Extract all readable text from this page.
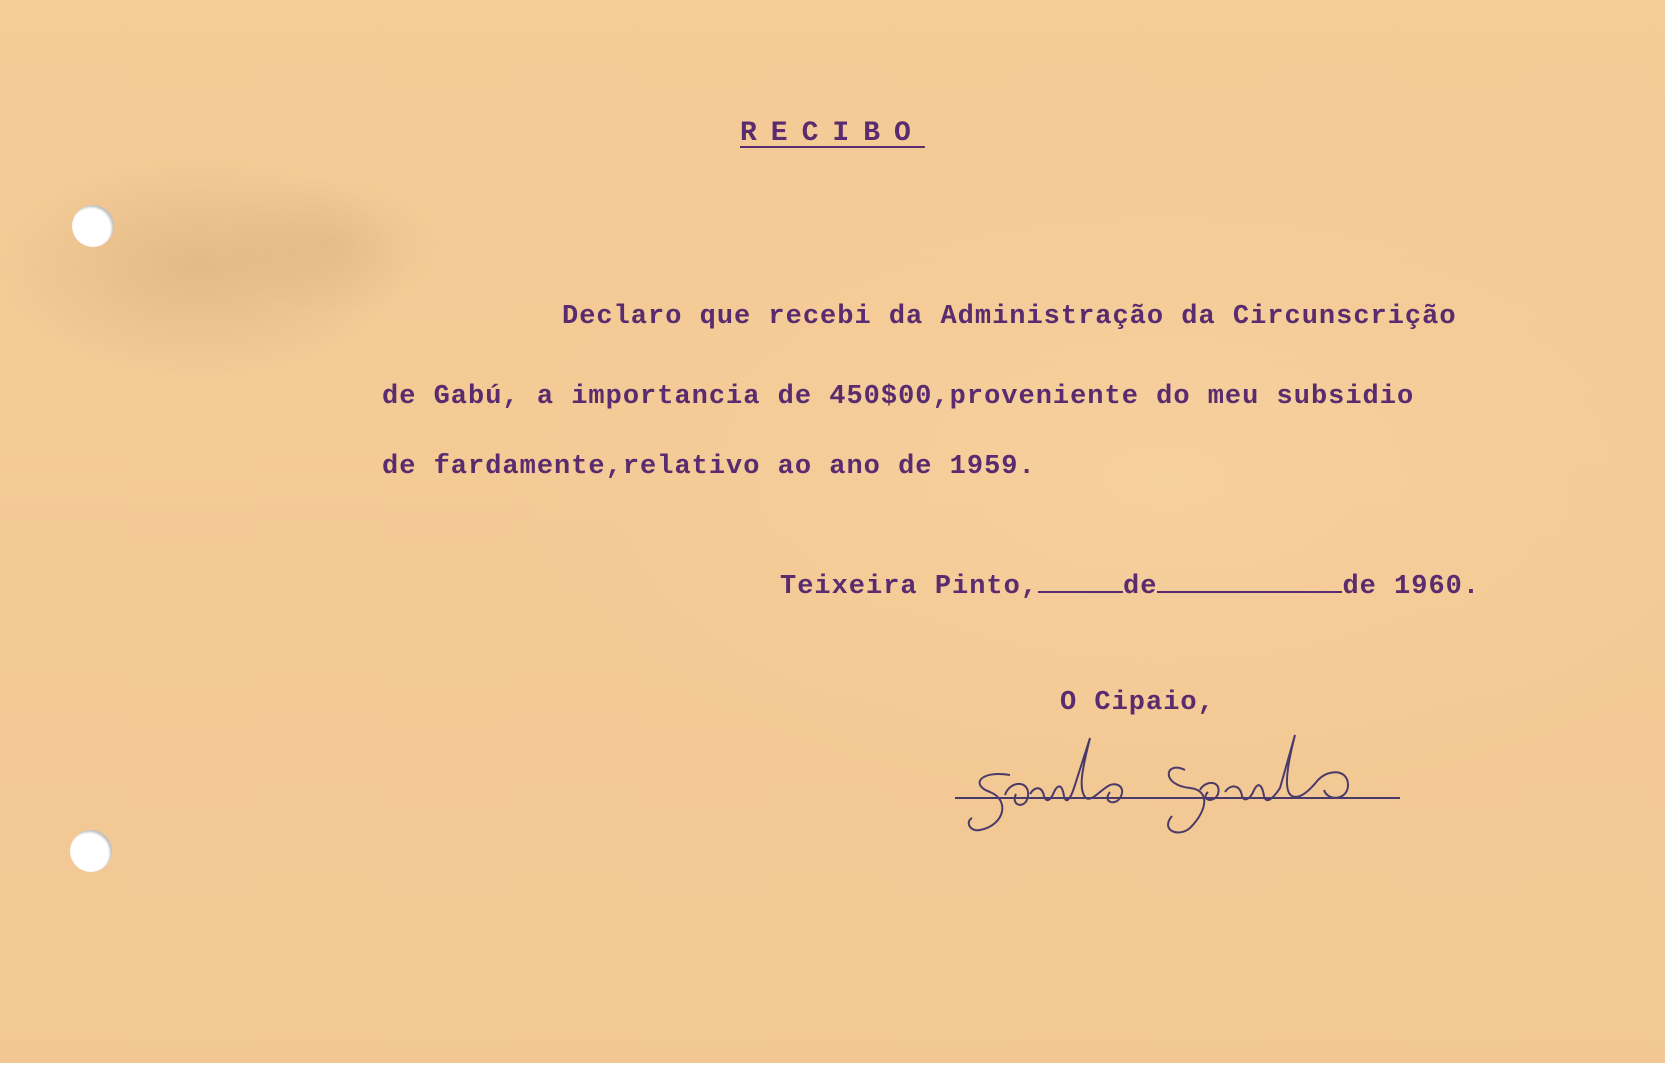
RECIBO
Declaro que recebi da Administração da Circunscrição
de Gabú, a importancia de 450$00,proveniente do meu subsidio
de fardamente,relativo ao ano de 1959.
Teixeira Pinto,	de	de 1960.
O Cipaio,
